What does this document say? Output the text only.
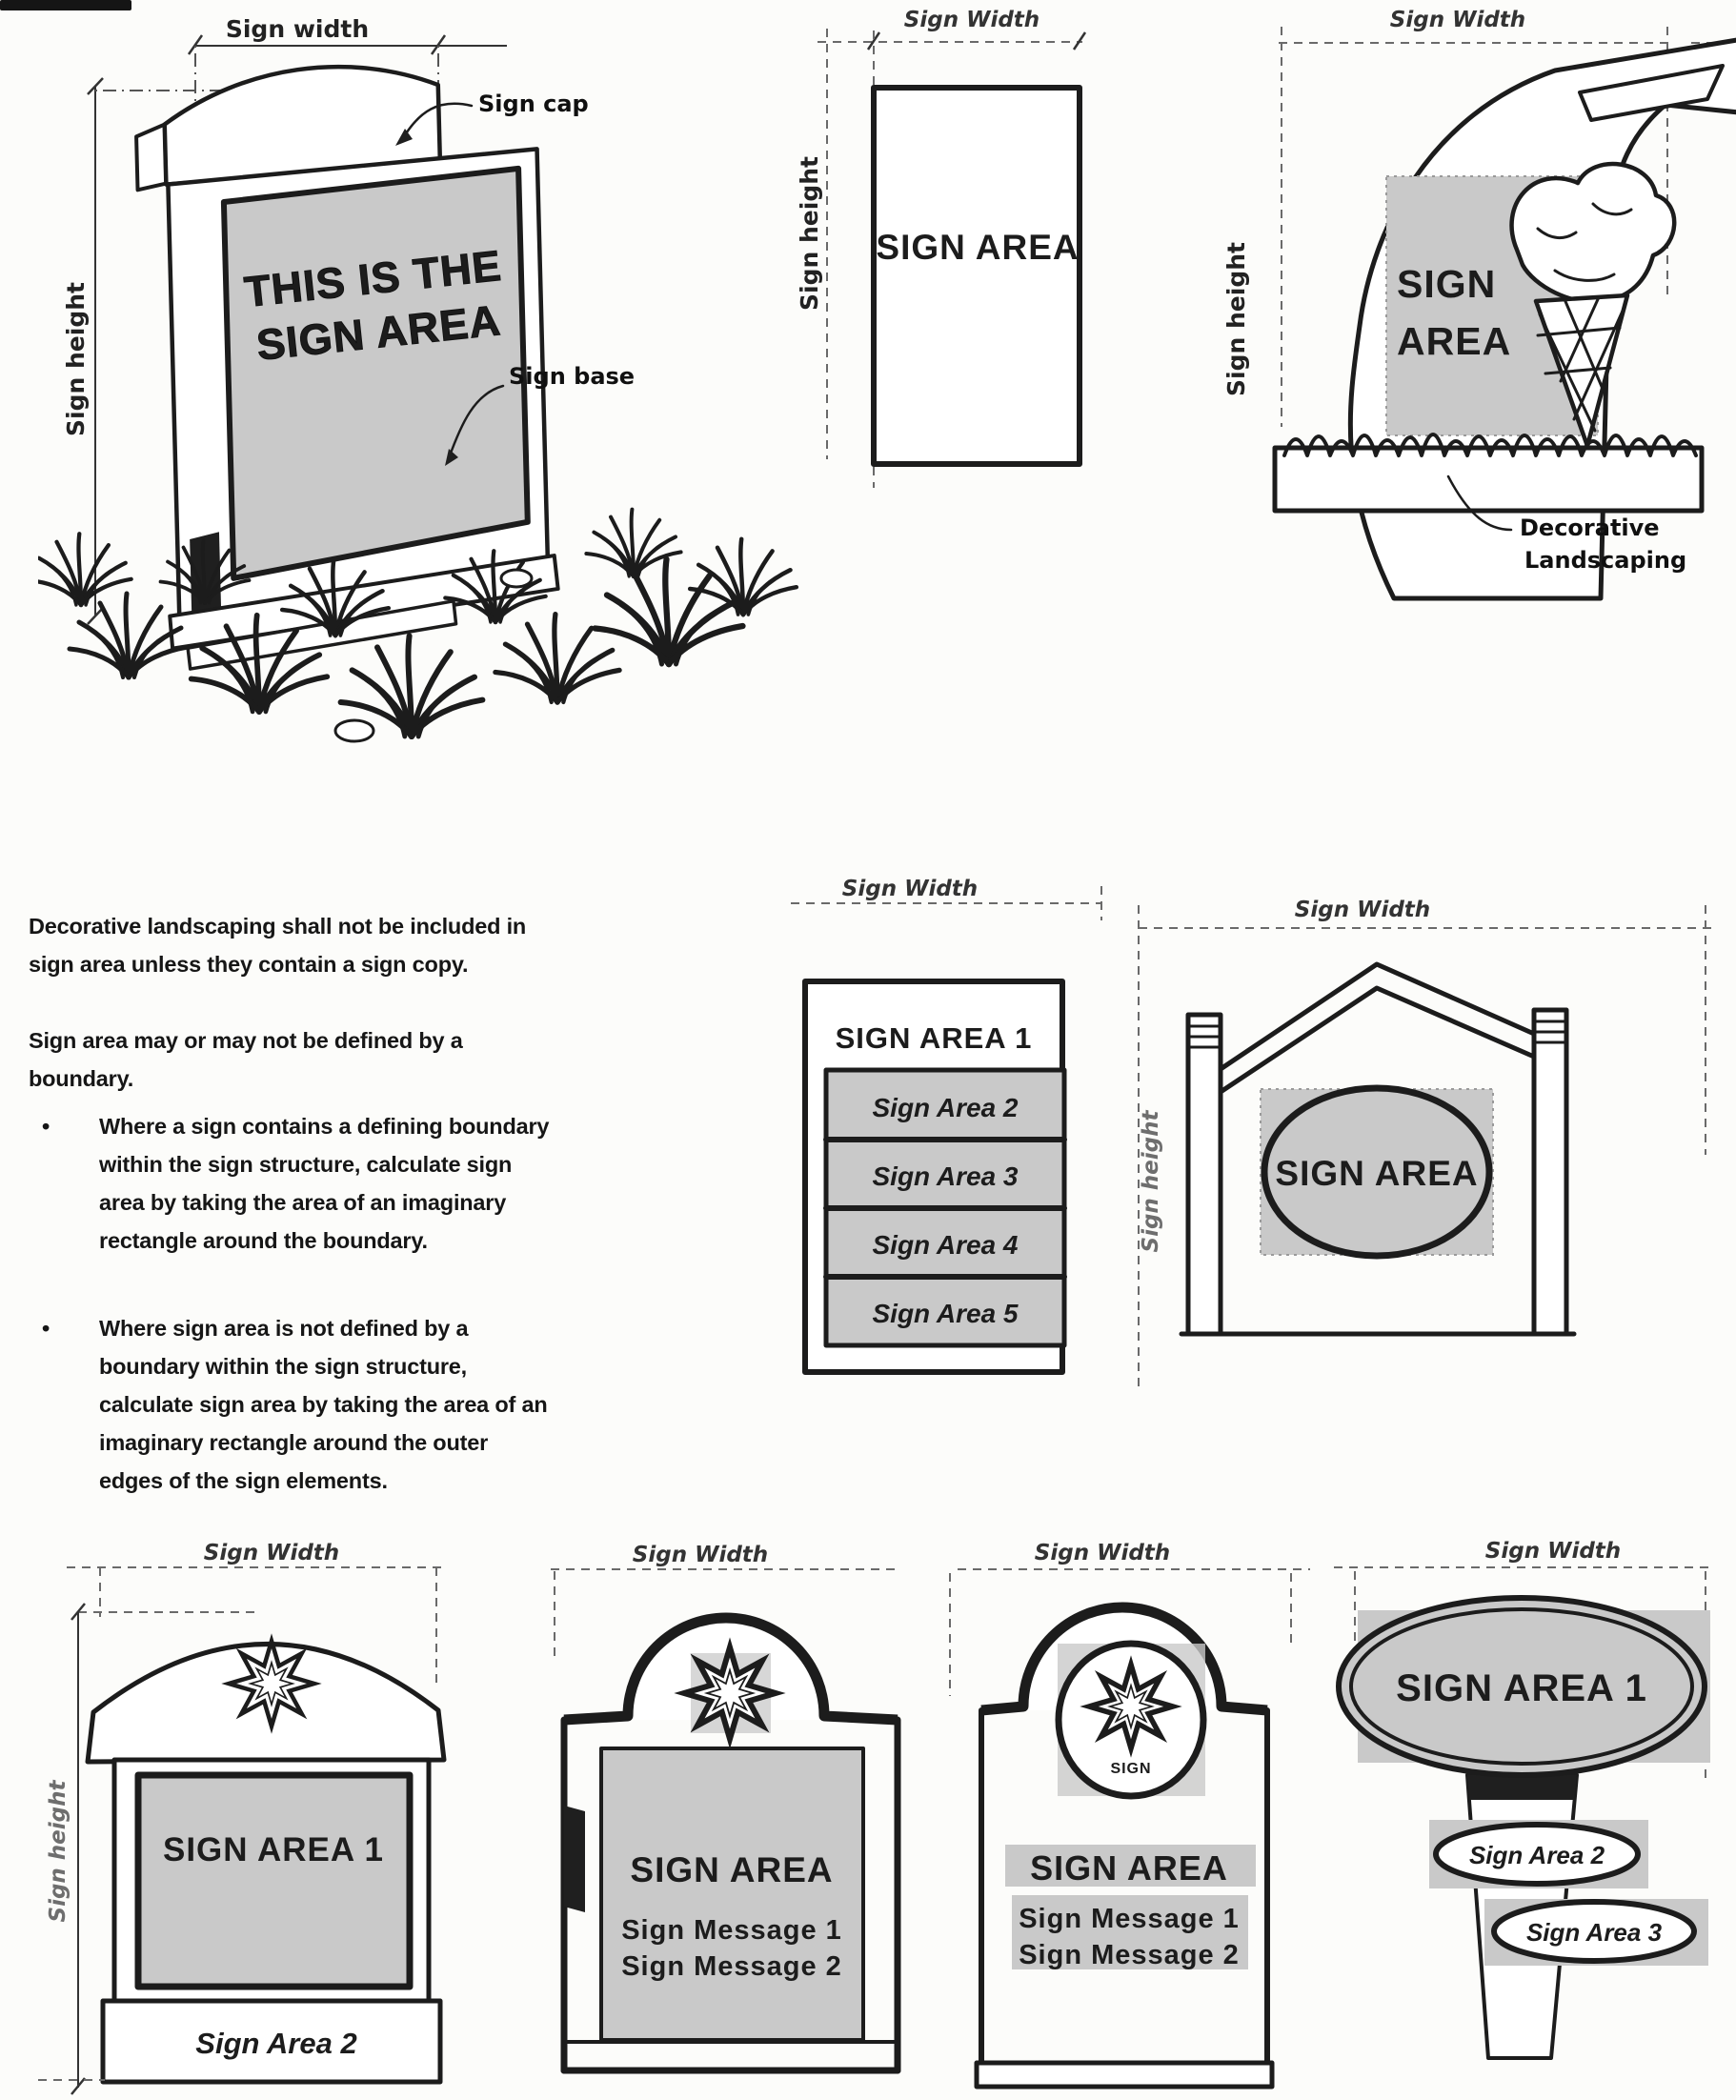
Sign width
Sign height
THIS IS THE
SIGN AREA
Sign cap
Sign base
Sign Width
Sign height SIGN AREA
Sign Width
Sign height	SIGN
AREA
Decorative
Landscaping

Decorative landscaping shall not be included in sign area unless they contain a sign copy.

Sign area may or may not be defined by a boundary.

•	Where a sign contains a defining boundary within the sign structure, calculate sign area by taking the area of an imaginary rectangle around the boundary.
•	Where sign area is not defined by a boundary within the sign structure, calculate sign area by taking the area of an imaginary rectangle around the outer edges of the sign elements.
Sign Width
SIGN AREA 1
Sign Area 2
Sign Area 3
Sign Area 4
Sign Area 5
Sign Width
Sign height	SIGN AREA
Sign Width
Sign height	SIGN AREA 1
Sign Area 2
Sign Width
SIGN AREA
Sign Message 1
Sign Message 2
Sign Width
SIGN
SIGN AREA
Sign Message 1
Sign Message 2
Sign Width
SIGN AREA 1
Sign Area 2
Sign Area 3
